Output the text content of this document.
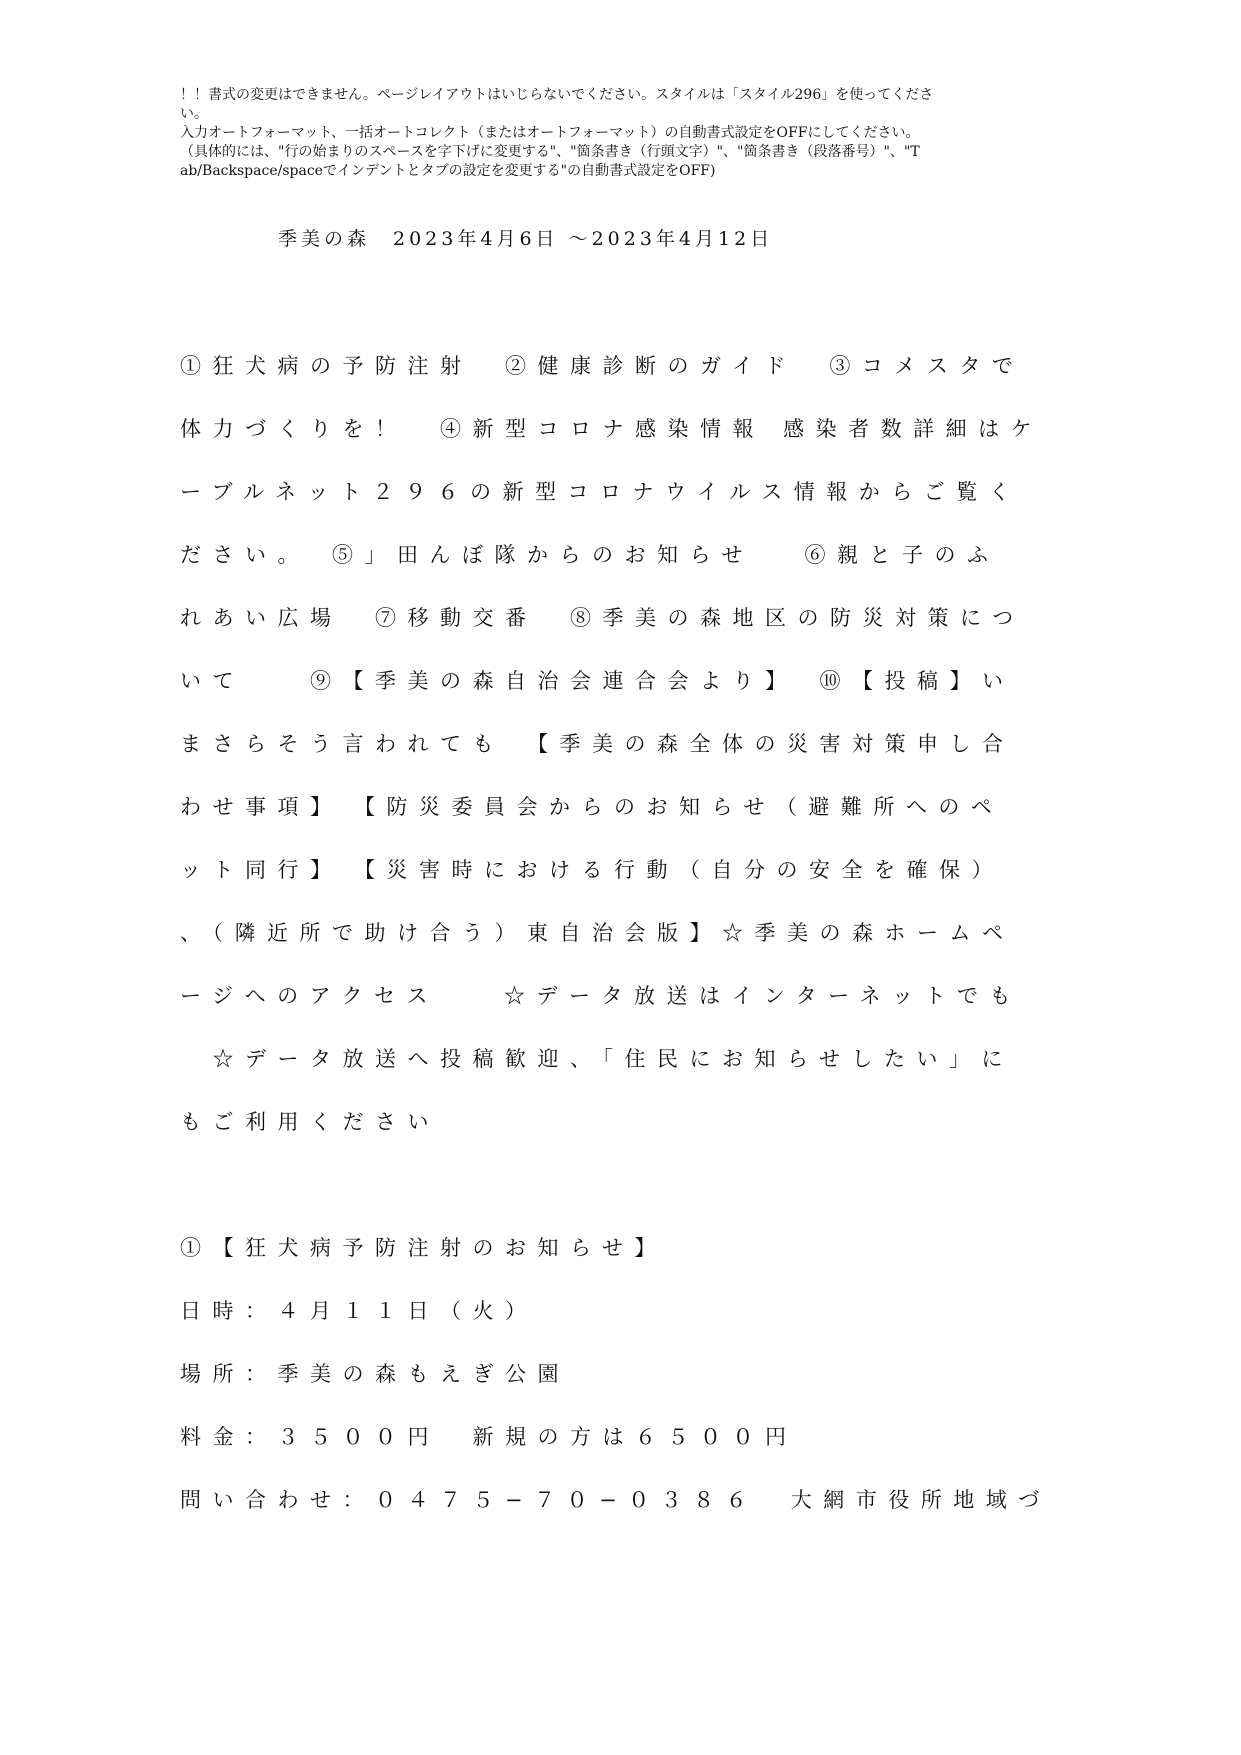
！！書式の変更はできません。ページレイアウトはいじらないでください。スタイルは「スタイル296」を使ってくださ

い。

入力オートフォーマット、一括オートコレクト（またはオートフォーマット）の自動書式設定をOFFにしてください。

（具体的には、"行の始まりのスペースを字下げに変更する"、"箇条書き（行頭文字）"、"箇条書き（段落番号）"、"T

ab/Backspace/spaceでインデントとタブの設定を変更する"の自動書式設定をOFF)

季美の森　2023年4月6日 ～2023年4月12日
①狂犬病の予防注射　②健康診断のガイド　③コメスタで
体力づくりを！　④新型コロナ感染情報 感染者数詳細はケ
ーブルネット２９６の新型コロナウイルス情報からご覧く
ださい。　⑤」田んぼ隊からのお知らせ　 ⑥親と子のふ
れあい広場　⑦移動交番　⑧季美の森地区の防災対策につ
いて　　⑨【季美の森自治会連合会より】　⑩【投稿】い
まさらそう言われても　【季美の森全体の災害対策申し合
わせ事項】　【防災委員会からのお知らせ（避難所へのペ
ット同行】　【災害時における行動（自分の安全を確保）
、（隣近所で助け合う）東自治会版】☆季美の森ホームペ
ージへのアクセス　　☆データ放送はインターネットでも
　☆データ放送へ投稿歓迎、「住民にお知らせしたい」に
もご利用ください
①【狂犬病予防注射のお知らせ】
日時：４月１１日（火）
場所：季美の森もえぎ公園
料金：３５００円　新規の方は６５００円
問い合わせ：０４７５−７０−０３８６　大網市役所地域づ
